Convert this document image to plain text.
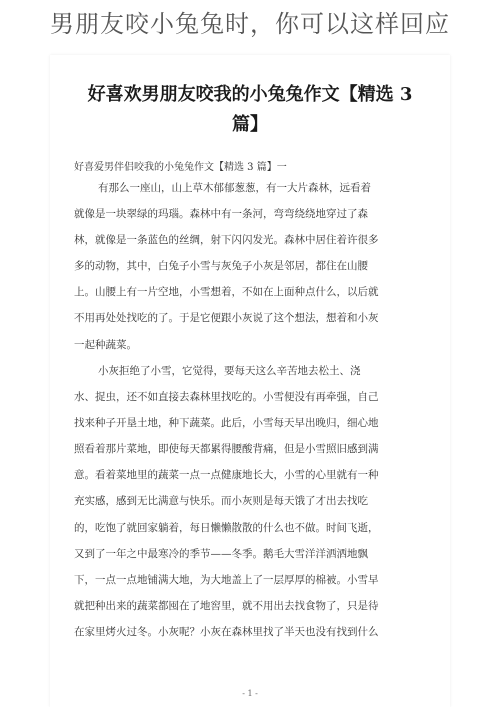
男朋友咬小兔兔时，你可以这样回应
好喜欢男朋友咬我的小兔兔作文【精选 3
篇】
好喜爱男伴侣咬我的小兔兔作文【精选 3 篇】一
有那么一座山，山上草木郁郁葱葱，有一大片森林，远看着
就像是一块翠绿的玛瑙。森林中有一条河，弯弯绕绕地穿过了森
林，就像是一条蓝色的丝绸，射下闪闪发光。森林中居住着许很多
多的动物，其中，白兔子小雪与灰兔子小灰是邻居，都住在山腰
上。山腰上有一片空地，小雪想着，不如在上面种点什么，以后就
不用再处处找吃的了。于是它便跟小灰说了这个想法，想着和小灰
一起种蔬菜。
小灰拒绝了小雪，它觉得，要每天这么辛苦地去松土、浇
水、捉虫，还不如直接去森林里找吃的。小雪便没有再牵强，自己
找来种子开垦土地，种下蔬菜。此后，小雪每天早出晚归，细心地
照看着那片菜地，即使每天都累得腰酸背痛，但是小雪照旧感到满
意。看着菜地里的蔬菜一点一点健康地长大，小雪的心里就有一种
充实感，感到无比满意与快乐。而小灰则是每天饿了才出去找吃
的，吃饱了就回家躺着，每日懒懒散散的什么也不做。时间飞逝，
又到了一年之中最寒冷的季节——冬季。鹅毛大雪洋洋洒洒地飘
下，一点一点地铺满大地，为大地盖上了一层厚厚的棉被。小雪早
就把种出来的蔬菜都囤在了地窖里，就不用出去找食物了，只是待
在家里烤火过冬。小灰呢？小灰在森林里找了半天也没有找到什么
- 1 -
